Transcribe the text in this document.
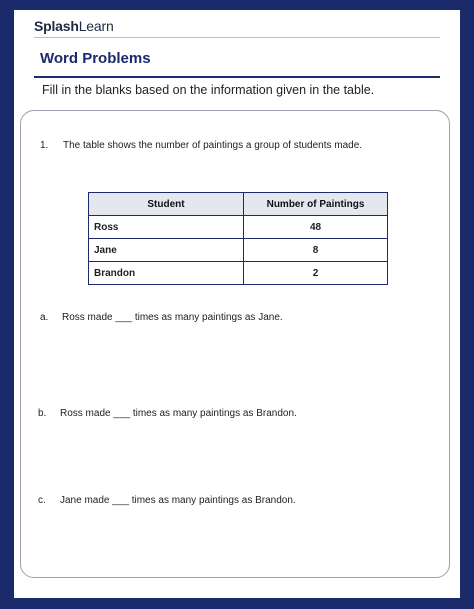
SplashLearn
Word Problems
Fill in the blanks based on the information given in the table.
1. The table shows the number of paintings a group of students made.
Student	Number of Paintings
Ross	48
Jane	8
Brandon	2
a. Ross made ___ times as many paintings as Jane.
b. Ross made ___ times as many paintings as Brandon.
c. Jane made ___ times as many paintings as Brandon.
